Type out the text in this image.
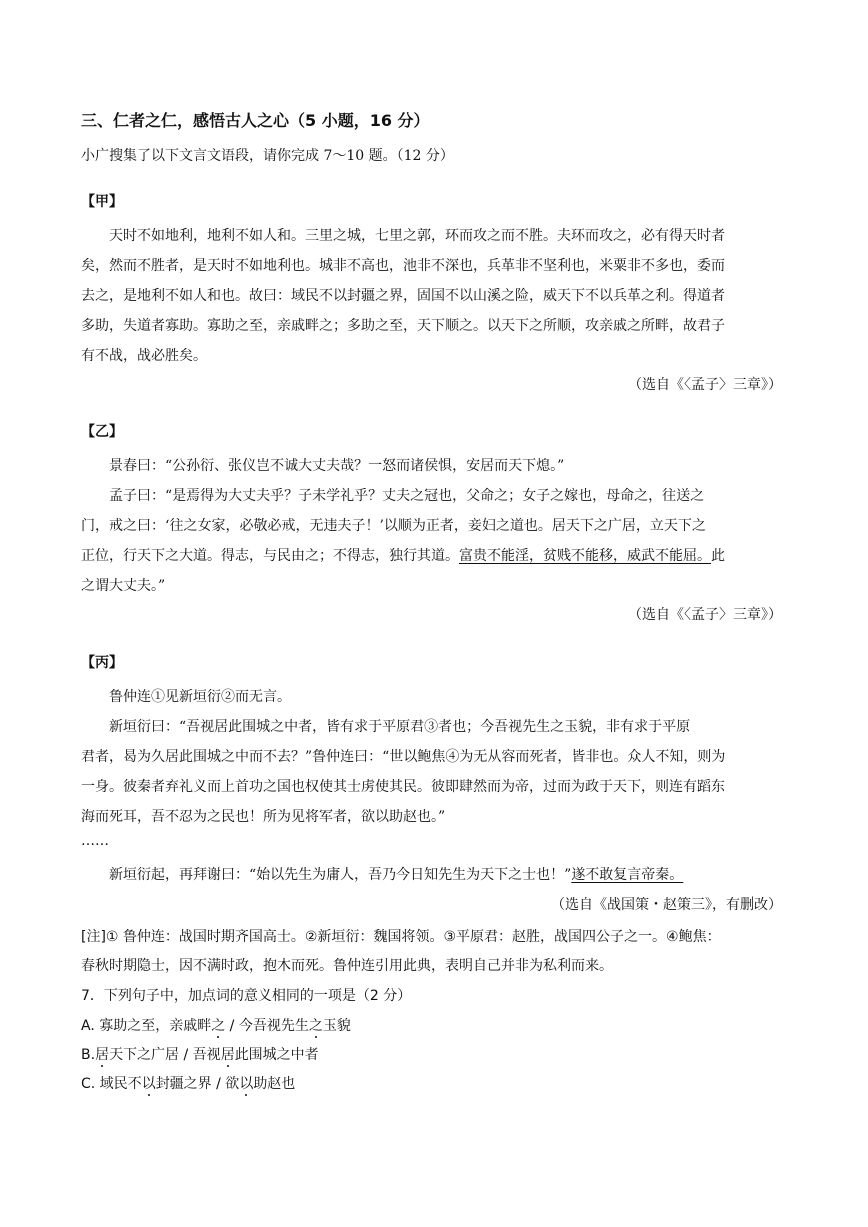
三、仁者之仁，感悟古人之心（5 小题，16 分）
小广搜集了以下文言文语段，请你完成 7～10 题。（12 分）
【甲】
天时不如地利，地利不如人和。三里之城，七里之郭，环而攻之而不胜。夫环而攻之，必有得天时者
矣，然而不胜者，是天时不如地利也。城非不高也，池非不深也，兵革非不坚利也，米粟非不多也，委而
去之，是地利不如人和也。故曰：域民不以封疆之界，固国不以山溪之险，威天下不以兵革之利。得道者
多助，失道者寡助。寡助之至，亲戚畔之；多助之至，天下顺之。以天下之所顺，攻亲戚之所畔，故君子
有不战，战必胜矣。
（选自《〈孟子〉三章》）
【乙】
景春曰：“公孙衍、张仪岂不诚大丈夫哉？一怒而诸侯惧，安居而天下熄。”
孟子曰：“是焉得为大丈夫乎？子未学礼乎？丈夫之冠也，父命之；女子之嫁也，母命之，往送之
门，戒之曰：‘往之女家，必敬必戒，无违夫子！’以顺为正者，妾妇之道也。居天下之广居，立天下之
正位，行天下之大道。得志，与民由之；不得志，独行其道。富贵不能淫，贫贱不能移，威武不能屈。此
之谓大丈夫。”
（选自《〈孟子〉三章》）
【丙】
鲁仲连①见新垣衍②而无言。
新垣衍曰：“吾视居此围城之中者，皆有求于平原君③者也；今吾视先生之玉貌，非有求于平原
君者，曷为久居此围城之中而不去？”鲁仲连曰：“世以鲍焦④为无从容而死者，皆非也。众人不知，则为
一身。彼秦者弃礼义而上首功之国也权使其士虏使其民。彼即肆然而为帝，过而为政于天下，则连有蹈东
海而死耳，吾不忍为之民也！所为见将军者，欲以助赵也。”
……
新垣衍起，再拜谢曰：“始以先生为庸人，吾乃今日知先生为天下之士也！”遂不敢复言帝秦。
（选自《战国策・赵策三》，有删改）
[注]① 鲁仲连：战国时期齐国高士。②新垣衍：魏国将领。③平原君：赵胜，战国四公子之一。④鲍焦：
春秋时期隐士，因不满时政，抱木而死。鲁仲连引用此典，表明自己并非为私利而来。
7．下列句子中，加点词的意义相同的一项是（2 分）
A. 寡助之至，亲戚畔之 / 今吾视先生之玉貌
B.居天下之广居 / 吾视居此围城之中者
C. 域民不以封疆之界 / 欲以助赵也
